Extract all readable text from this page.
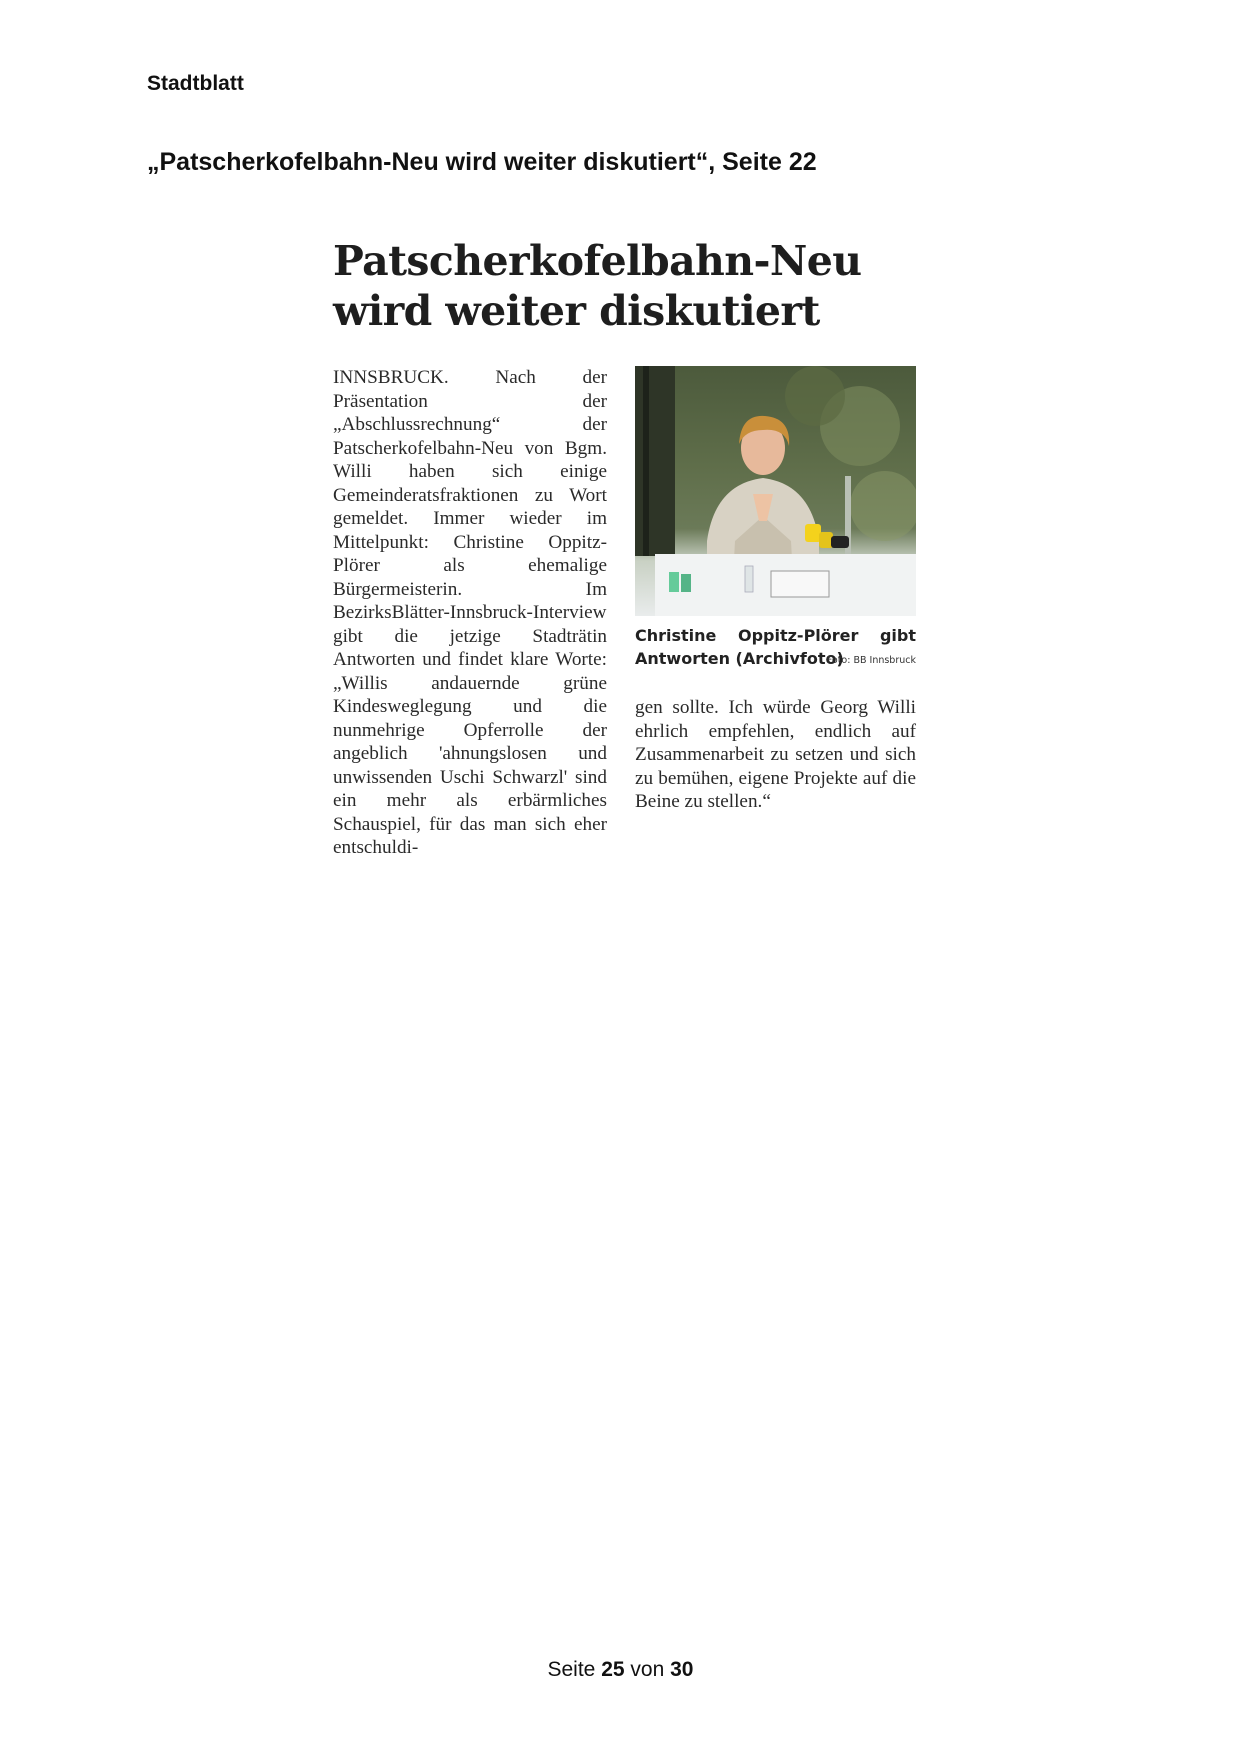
Stadtblatt
„Patscherkofelbahn-Neu wird weiter diskutiert“, Seite 22
Patscherkofelbahn-Neu
wird weiter diskutiert
INNSBRUCK. Nach der Präsentation der „Abschlussrechnung“ der Patscherkofelbahn-Neu von Bgm. Willi haben sich einige Gemeinderatsfraktionen zu Wort gemeldet. Immer wieder im Mittelpunkt: Christine Oppitz-Plörer als ehemalige Bürgermeisterin. Im BezirksBlätter-Innsbruck-Interview gibt die jetzige Stadträtin Antworten und findet klare Worte: „Willis andauernde grüne Kindesweglegung und die nunmehrige Opferrolle der angeblich 'ahnungslosen und unwissenden Uschi Schwarzl' sind ein mehr als erbärmliches Schauspiel, für das man sich eher entschuldi-

Christine Oppitz-Plörer gibt Antworten (Archivfoto)

Foto: BB Innsbruck
gen sollte. Ich würde Georg Willi ehrlich empfehlen, endlich auf Zusammenarbeit zu setzen und sich zu bemühen, eigene Projekte auf die Beine zu stellen.“
Seite 25 von 30
